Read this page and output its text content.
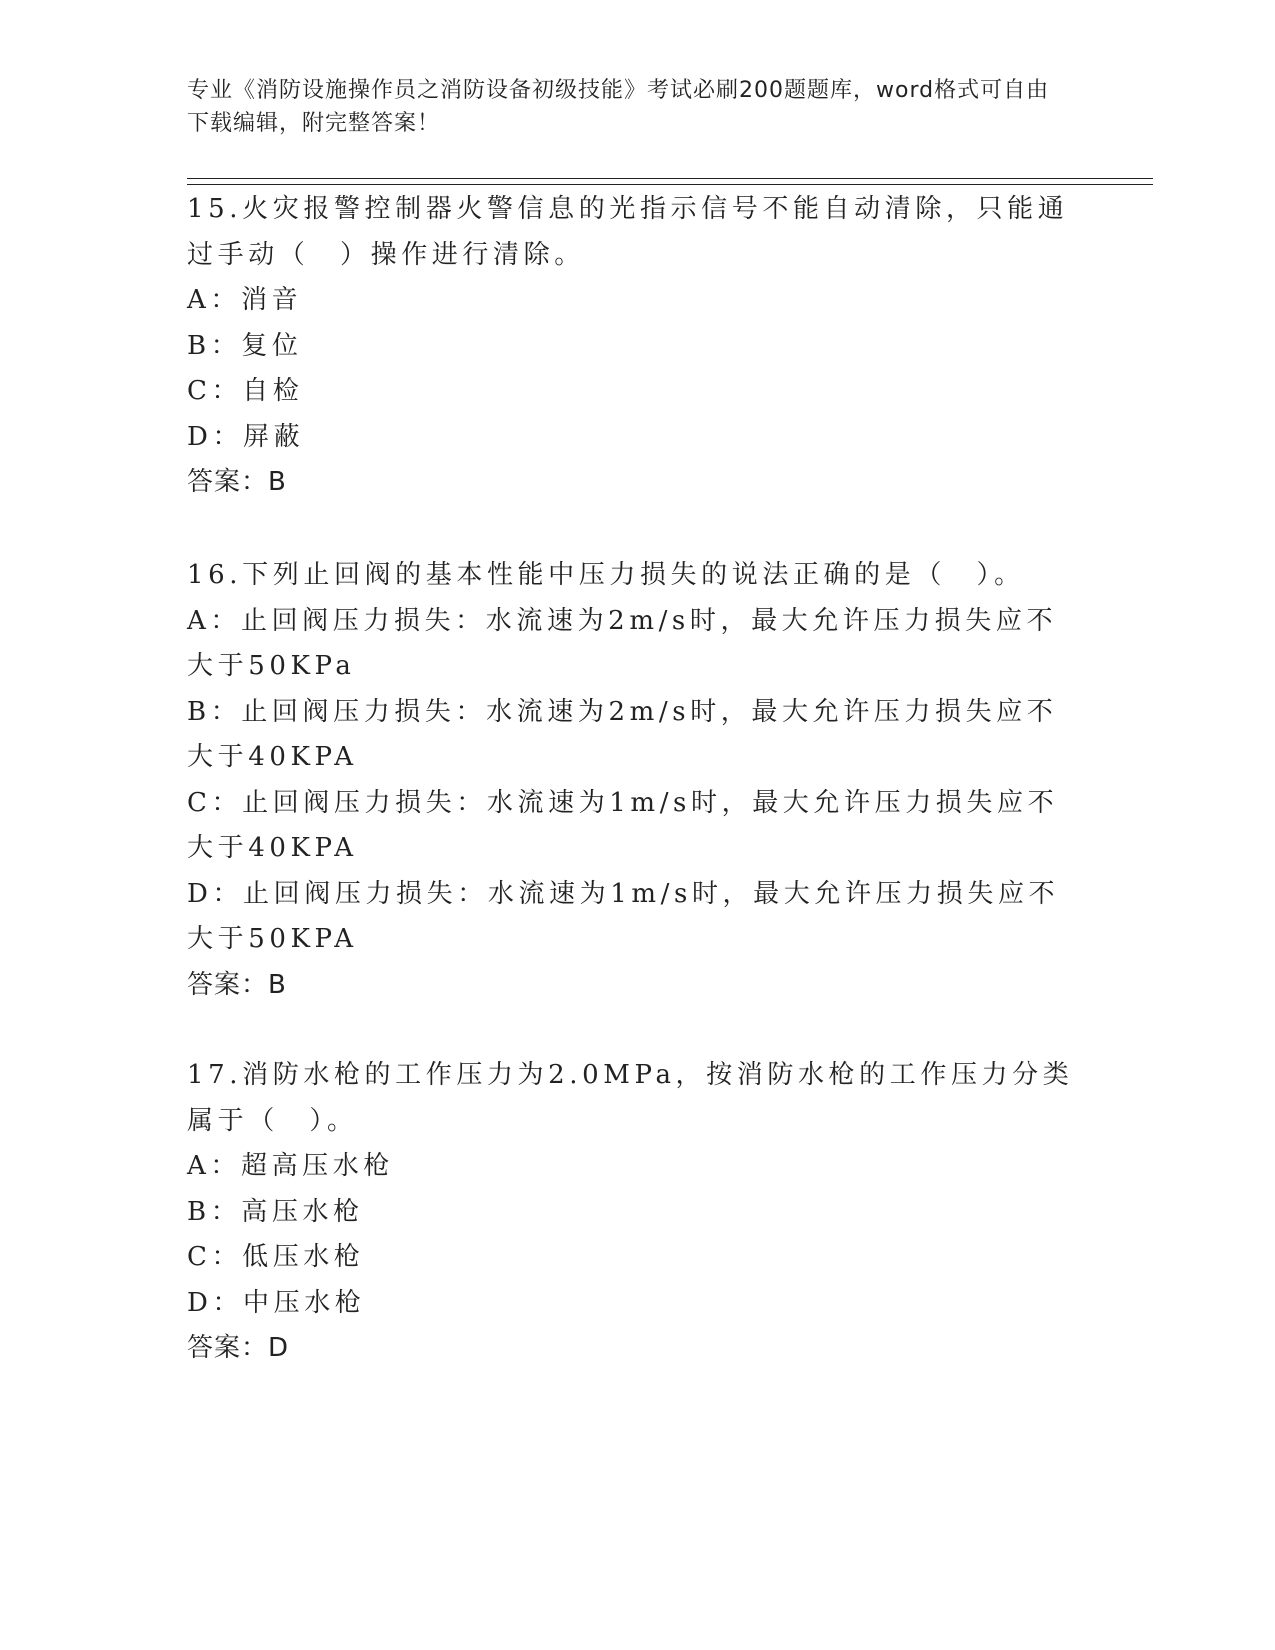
专业《消防设施操作员之消防设备初级技能》考试必刷200题题库，word格式可自由下载编辑，附完整答案！

15.火灾报警控制器火警信息的光指示信号不能自动清除，只能通过手动（　）操作进行清除。

A：消音

B：复位

C：自检

D：屏蔽

答案：B

16.下列止回阀的基本性能中压力损失的说法正确的是（　）。

A：止回阀压力损失：水流速为2m/s时，最大允许压力损失应不大于50KPa

B：止回阀压力损失：水流速为2m/s时，最大允许压力损失应不大于40KPA

C：止回阀压力损失：水流速为1m/s时，最大允许压力损失应不大于40KPA

D：止回阀压力损失：水流速为1m/s时，最大允许压力损失应不大于50KPA

答案：B

17.消防水枪的工作压力为2.0MPa，按消防水枪的工作压力分类属于（　）。

A：超高压水枪

B：高压水枪

C：低压水枪

D：中压水枪

答案：D
